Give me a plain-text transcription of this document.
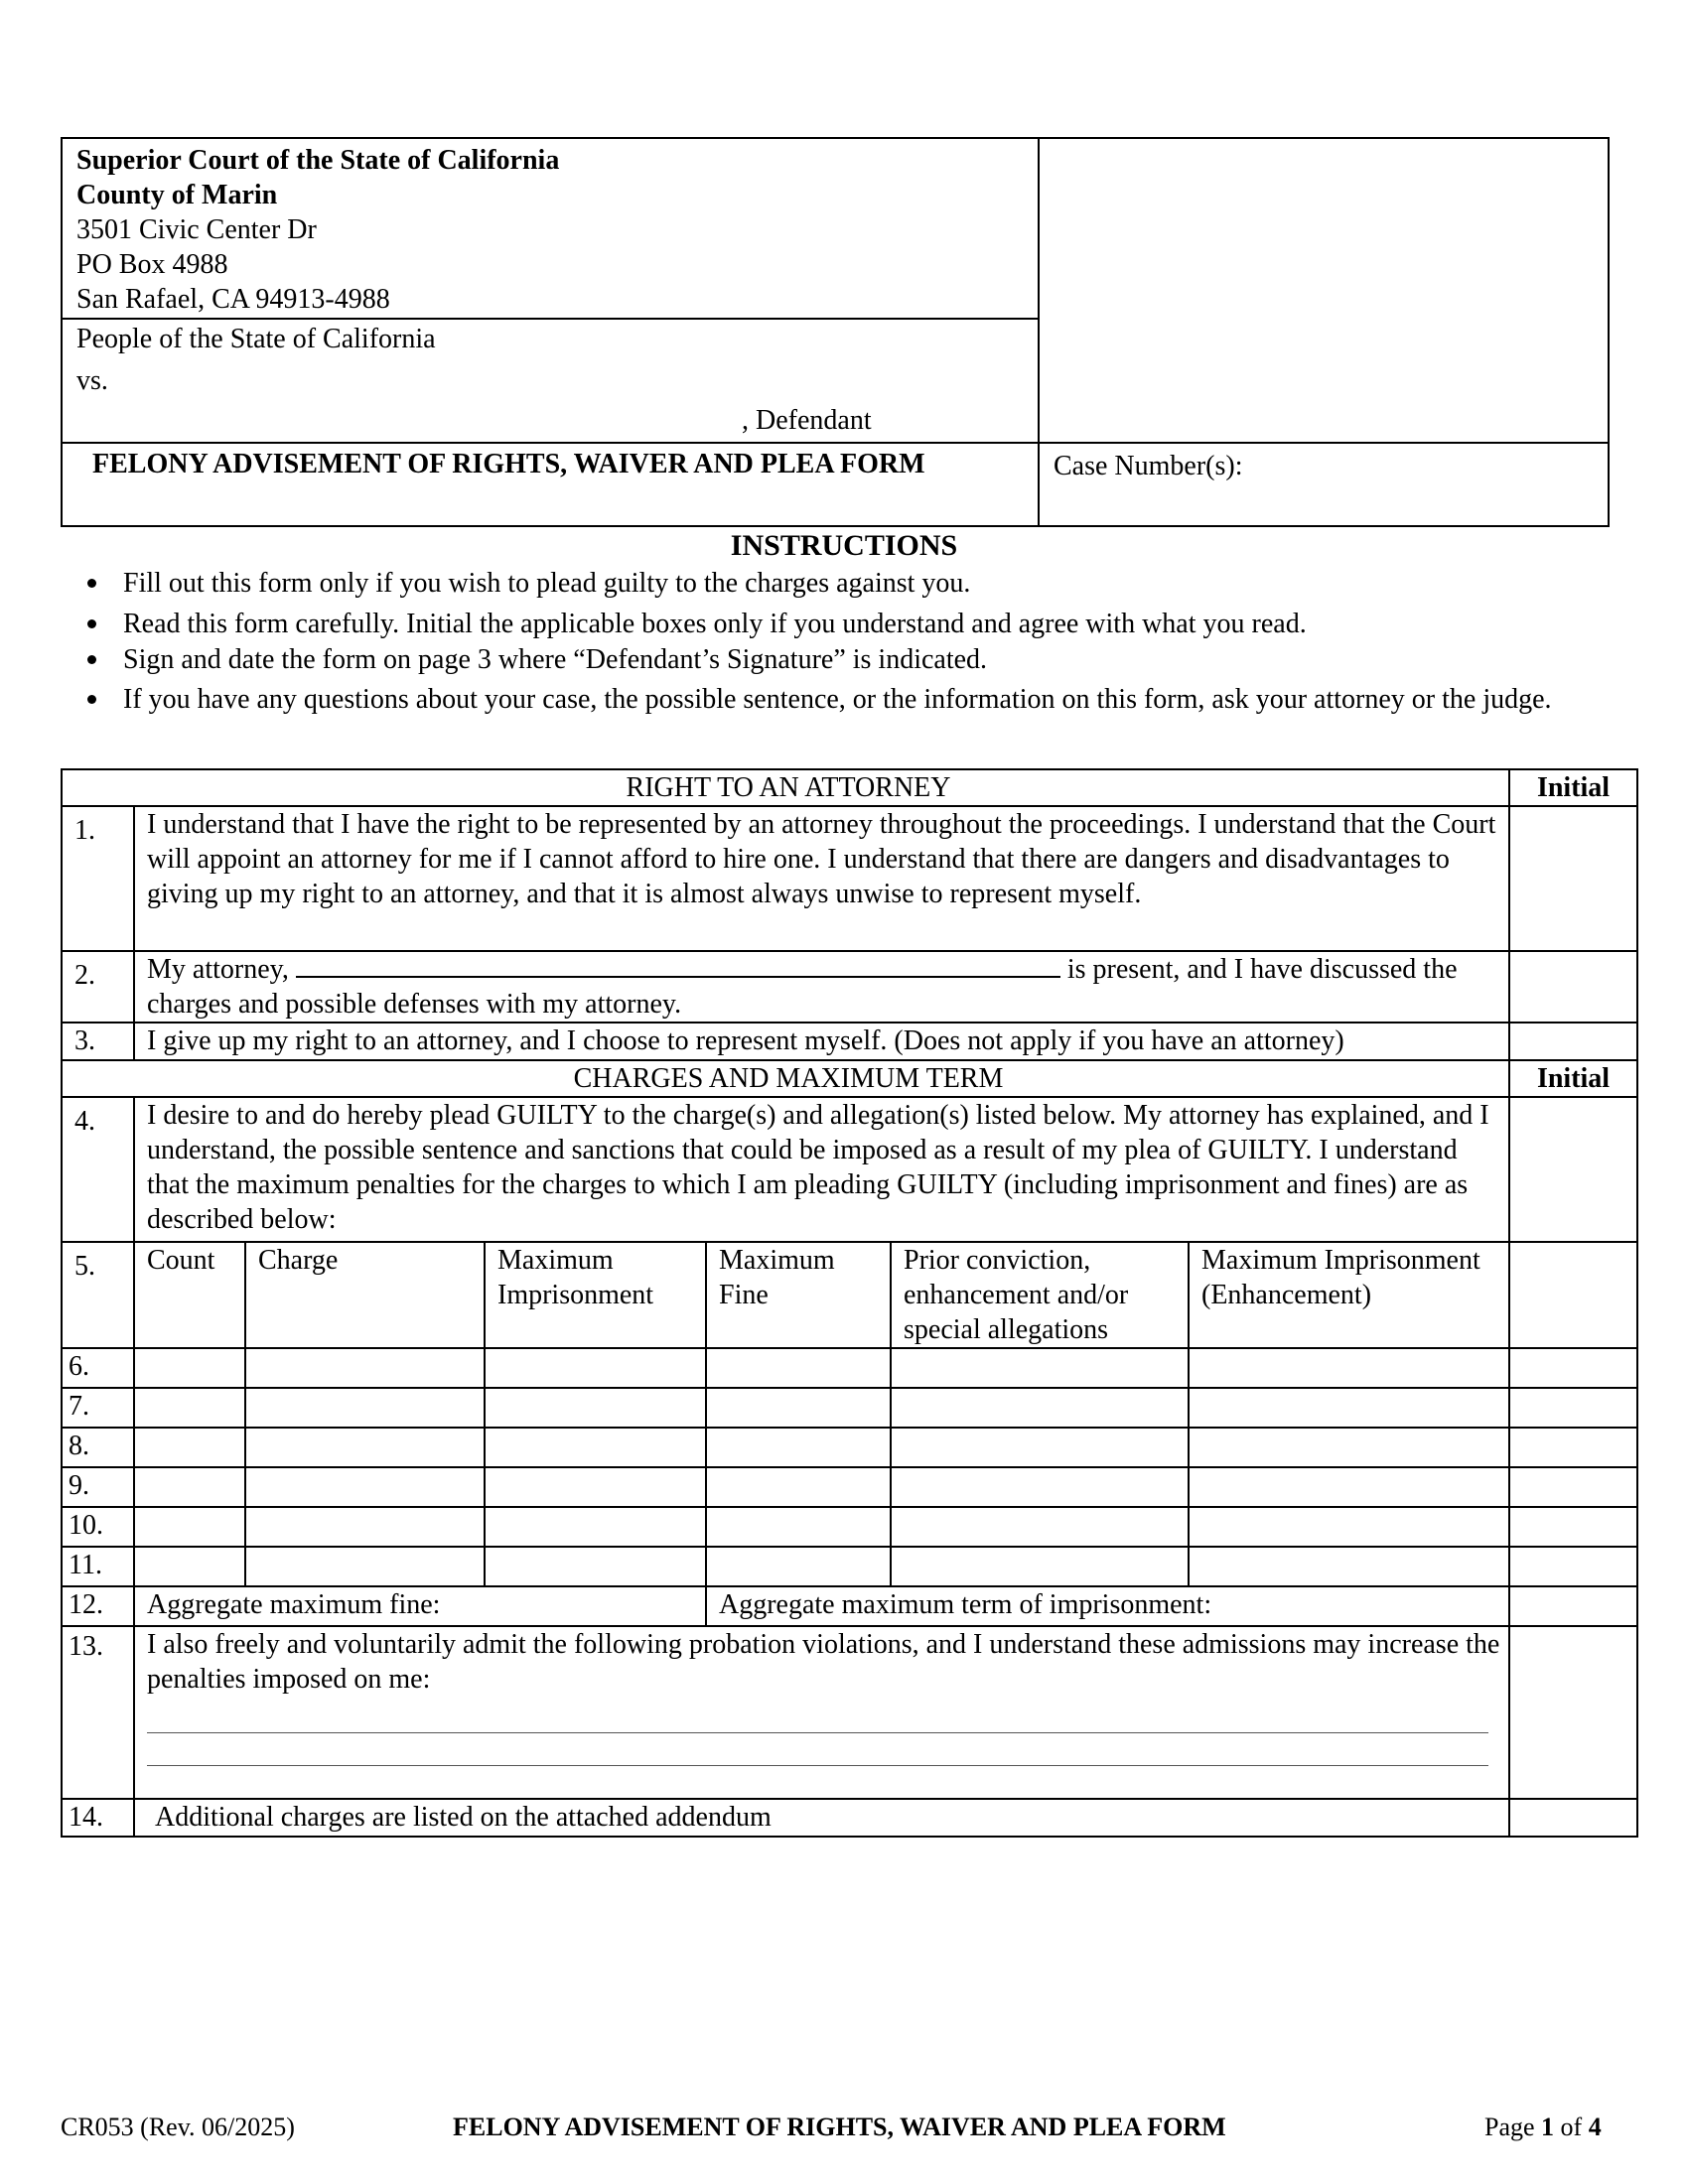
Superior Court of the State of California
County of Marin
3501 Civic Center Dr
PO Box 4988
San Rafael, CA 94913-4988
People of the State of California
vs.
, Defendant
FELONY ADVISEMENT OF RIGHTS, WAIVER AND PLEA FORM	Case Number(s):
INSTRUCTIONS
Fill out this form only if you wish to plead guilty to the charges against you.
Read this form carefully. Initial the applicable boxes only if you understand and agree with what you read.
Sign and date the form on page 3 where “Defendant’s Signature” is indicated.
If you have any questions about your case, the possible sentence, or the information on this form, ask your attorney or the judge.
RIGHT TO AN ATTORNEY							Initial
1.	I understand that I have the right to be represented by an attorney throughout the proceedings. I understand that the Court will appoint an attorney for me if I cannot afford to hire one. I understand that there are dangers and disadvantages to giving up my right to an attorney, and that it is almost always unwise to represent myself.						
2.	My attorney, is present, and I have discussed the charges and possible defenses with my attorney.						
3.	I give up my right to an attorney, and I choose to represent myself. (Does not apply if you have an attorney)						
CHARGES AND MAXIMUM TERM							Initial
4.	I desire to and do hereby plead GUILTY to the charge(s) and allegation(s) listed below. My attorney has explained, and I understand, the possible sentence and sanctions that could be imposed as a result of my plea of GUILTY. I understand that the maximum penalties for the charges to which I am pleading GUILTY (including imprisonment and fines) are as described below:						
5.	Count	Charge	Maximum Imprisonment	Maximum Fine	Prior conviction, enhancement and/or special allegations	Maximum Imprisonment (Enhancement)	
6.							
7.							
8.							
9.							
10.							
11.							
12.	Aggregate maximum fine:			Aggregate maximum term of imprisonment:			
13.	I also freely and voluntarily admit the following probation violations, and I understand these admissions may increase the penalties imposed on me:						

14.	Additional charges are listed on the attached addendum						
CR053 (Rev. 06/2025)	FELONY ADVISEMENT OF RIGHTS, WAIVER AND PLEA FORM	Page 1 of 4
